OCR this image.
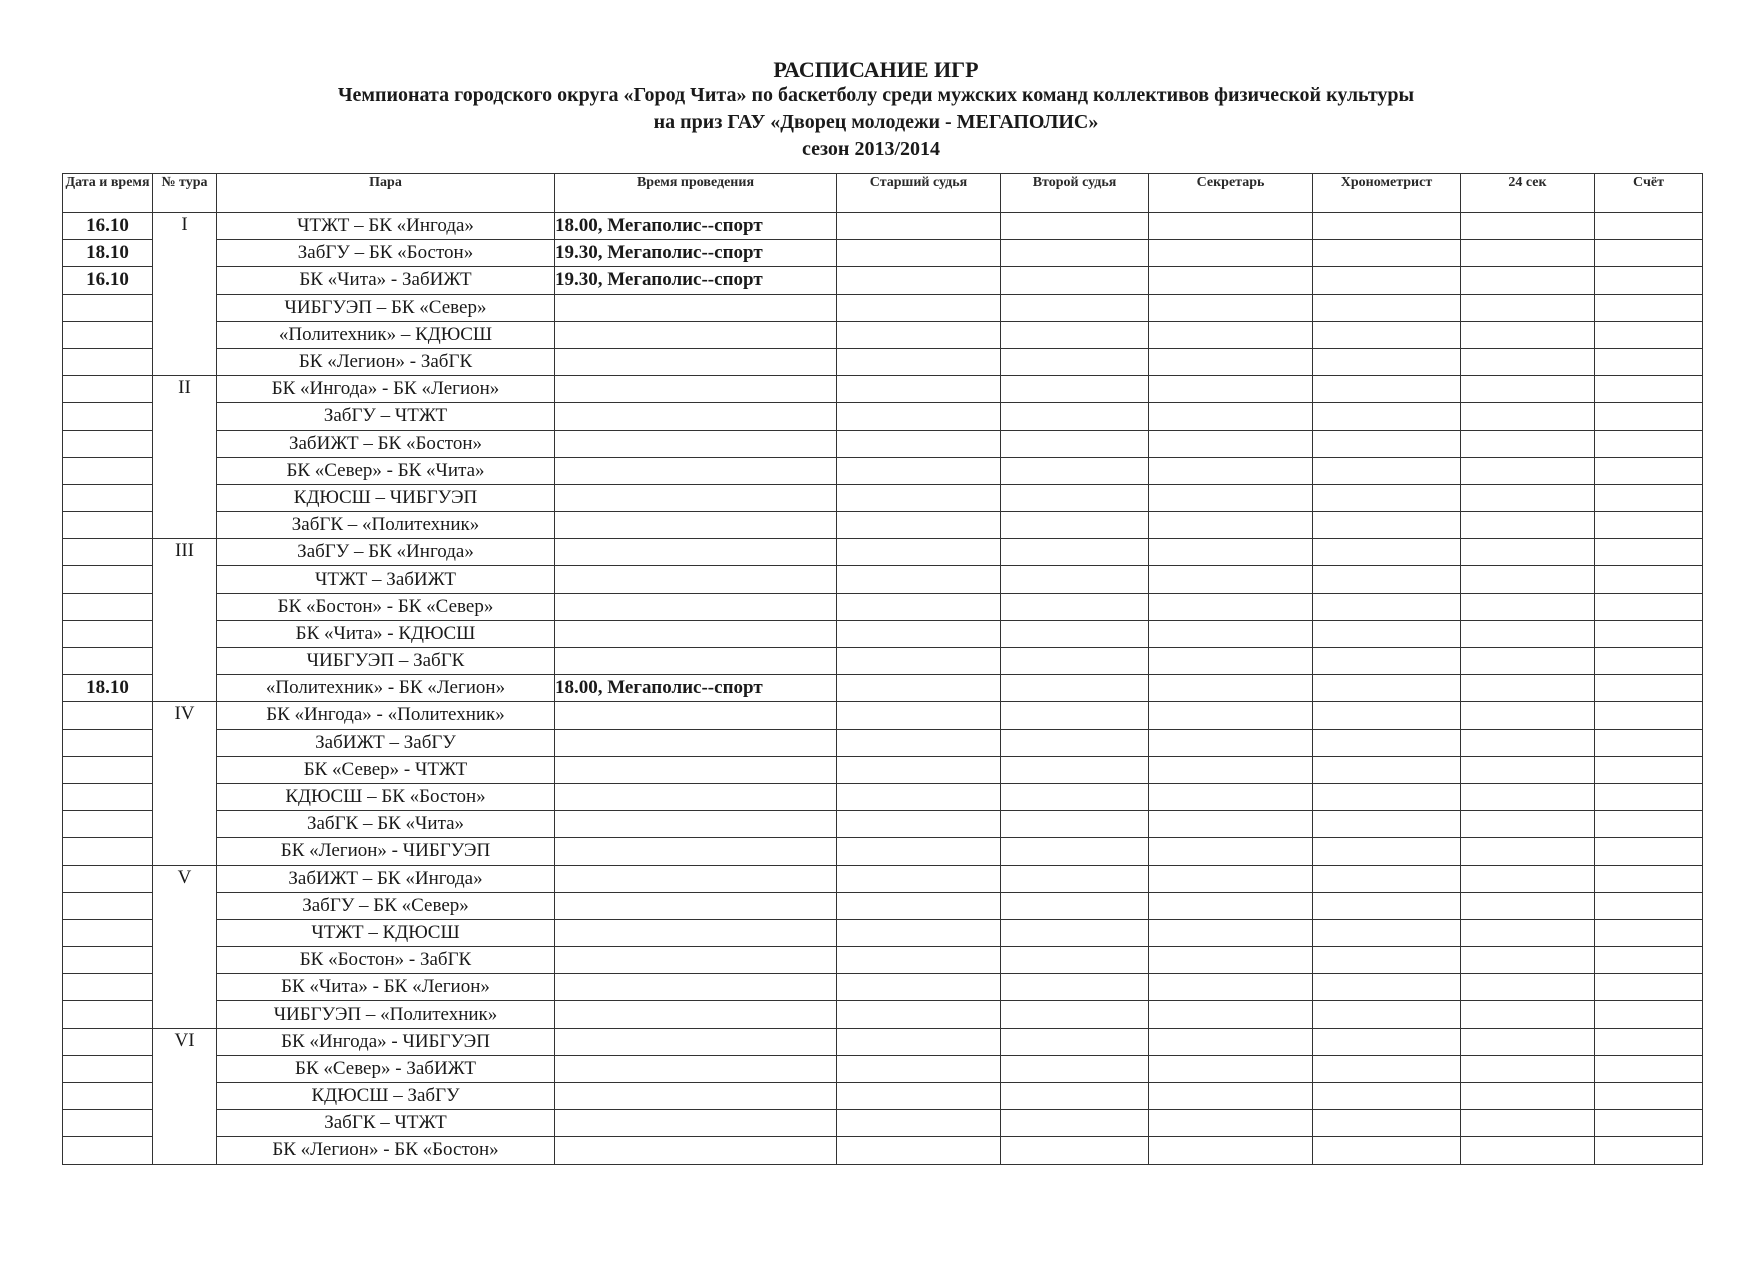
РАСПИСАНИЕ ИГР
Чемпионата городского округа «Город Чита» по баскетболу среди мужских команд коллективов физической культуры
на приз ГАУ «Дворец молодежи - МЕГАПОЛИС»
сезон 2013/2014
Дата и время	№ тура	Пара	Время проведения	Старший судья	Второй судья	Секретарь	Хронометрист	24 сек	Счёт
16.10	I	ЧТЖТ – БК «Ингода»	18.00, Мегаполис--спорт						
18.10		ЗабГУ – БК «Бостон»	19.30, Мегаполис--спорт						
16.10		БК «Чита» - ЗабИЖТ	19.30, Мегаполис--спорт						
		ЧИБГУЭП – БК «Север»							
		«Политехник» – КДЮСШ							
		БК «Легион» - ЗабГК							
	II	БК «Ингода» - БК «Легион»							
		ЗабГУ – ЧТЖТ							
		ЗабИЖТ – БК «Бостон»							
		БК «Север» - БК «Чита»							
		КДЮСШ – ЧИБГУЭП							
		ЗабГК – «Политехник»							
	III	ЗабГУ – БК «Ингода»							
		ЧТЖТ – ЗабИЖТ							
		БК «Бостон» - БК «Север»							
		БК «Чита» - КДЮСШ							
		ЧИБГУЭП – ЗабГК							
18.10		«Политехник» - БК «Легион»	18.00, Мегаполис--спорт						
	IV	БК «Ингода» - «Политехник»							
		ЗабИЖТ – ЗабГУ							
		БК «Север» - ЧТЖТ							
		КДЮСШ – БК «Бостон»							
		ЗабГК – БК «Чита»							
		БК «Легион» - ЧИБГУЭП							
	V	ЗабИЖТ – БК «Ингода»							
		ЗабГУ – БК «Север»							
		ЧТЖТ – КДЮСШ							
		БК «Бостон» - ЗабГК							
		БК «Чита» - БК «Легион»							
		ЧИБГУЭП – «Политехник»							
	VI	БК «Ингода» - ЧИБГУЭП							
		БК «Север» - ЗабИЖТ							
		КДЮСШ – ЗабГУ							
		ЗабГК – ЧТЖТ							
		БК «Легион» - БК «Бостон»							
